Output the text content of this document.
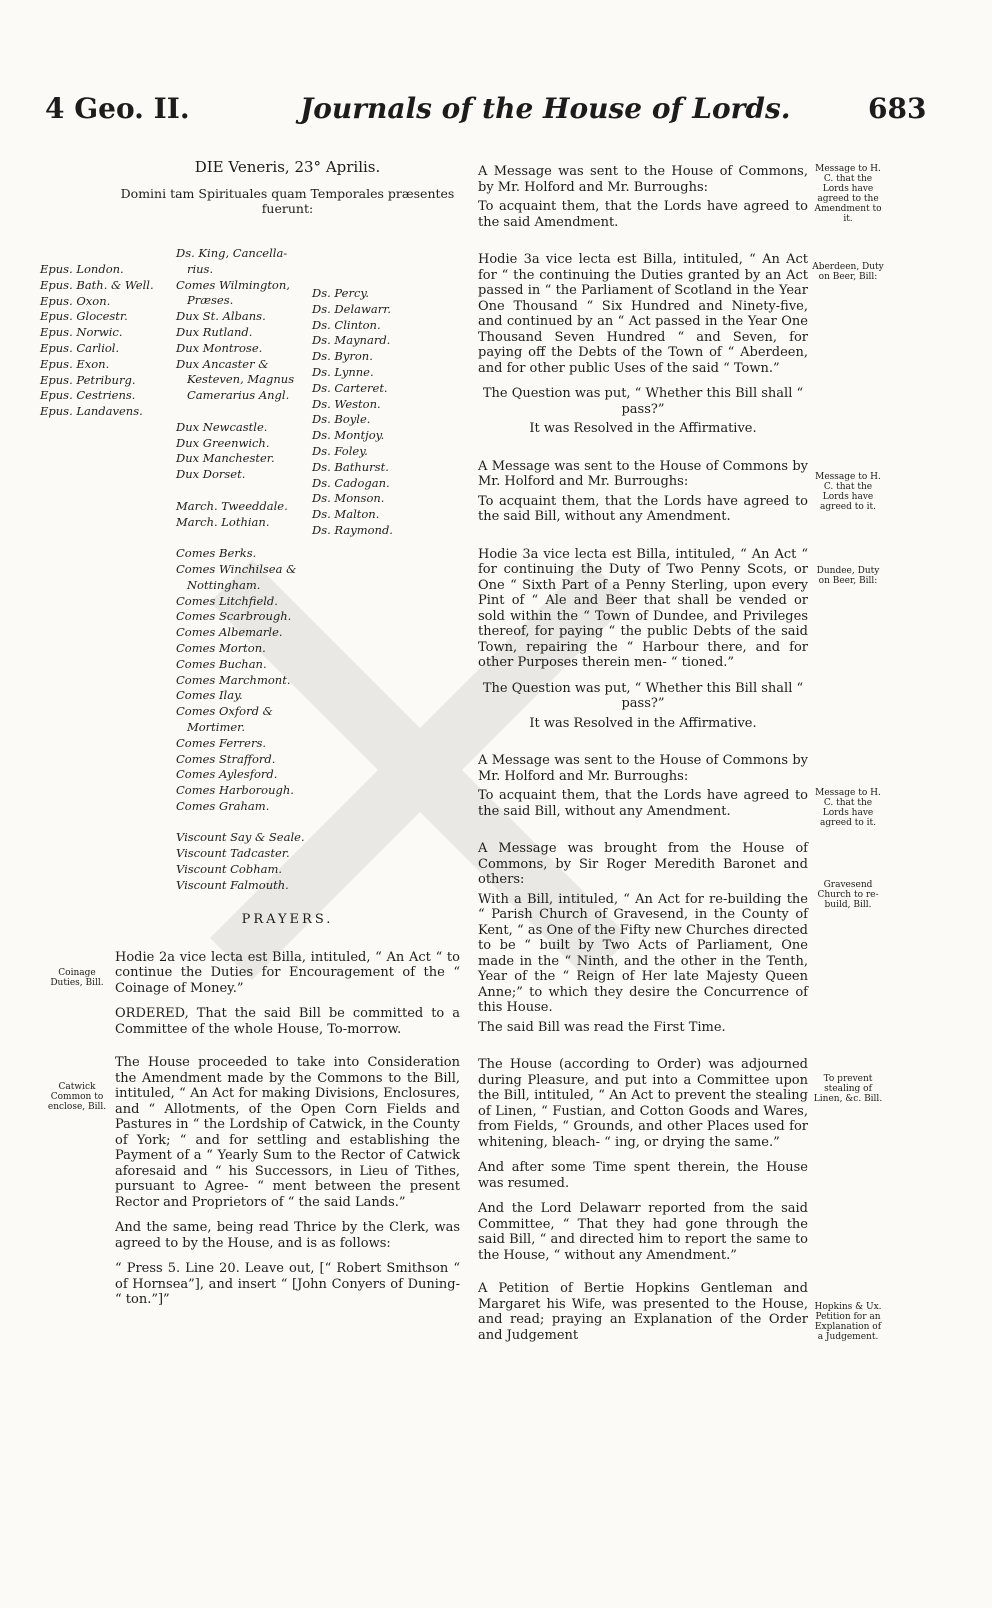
4 Geo. II.	Journals of the House of Lords.	683
DIE Veneris, 23° Aprilis.
Domini tam Spirituales quam Temporales præsentes fuerunt:
Epus. London.
Epus. Bath. & Well.
Epus. Oxon.
Epus. Glocestr.
Epus. Norwic.
Epus. Carliol.
Epus. Exon.
Epus. Petriburg.
Epus. Cestriens.
Epus. Landavens.
Ds. King, Cancella-
rius.
Comes Wilmington,
Præses.
Dux St. Albans.
Dux Rutland.
Dux Montrose.
Dux Ancaster &
Kesteven, Magnus
Camerarius Angl.

Dux Newcastle.
Dux Greenwich.
Dux Manchester.
Dux Dorset.

March. Tweeddale.
March. Lothian.

Comes Berks.
Comes Winchilsea &
Nottingham.
Comes Litchfield.
Comes Scarbrough.
Comes Albemarle.
Comes Morton.
Comes Buchan.
Comes Marchmont.
Comes Ilay.
Comes Oxford &
Mortimer.
Comes Ferrers.
Comes Strafford.
Comes Aylesford.
Comes Harborough.
Comes Graham.

Viscount Say & Seale.
Viscount Tadcaster.
Viscount Cobham.
Viscount Falmouth.
Ds. Percy.
Ds. Delawarr.
Ds. Clinton.
Ds. Maynard.
Ds. Byron.
Ds. Lynne.
Ds. Carteret.
Ds. Weston.
Ds. Boyle.
Ds. Montjoy.
Ds. Foley.
Ds. Bathurst.
Ds. Cadogan.
Ds. Monson.
Ds. Malton.
Ds. Raymond.
PRAYERS.

Hodie 2a vice lecta est Billa, intituled, “ An Act “ to continue the Duties for Encouragement of the “ Coinage of Money.”

ORDERED, That the said Bill be committed to a Committee of the whole House, To-morrow.

The House proceeded to take into Consideration the Amendment made by the Commons to the Bill, intituled, “ An Act for making Divisions, Enclosures, and “ Allotments, of the Open Corn Fields and Pastures in “ the Lordship of Catwick, in the County of York; “ and for settling and establishing the Payment of a “ Yearly Sum to the Rector of Catwick aforesaid and “ his Successors, in Lieu of Tithes, pursuant to Agree- “ ment between the present Rector and Proprietors of “ the said Lands.”

And the same, being read Thrice by the Clerk, was agreed to by the House, and is as follows:

“ Press 5. Line 20. Leave out, [“ Robert Smithson “ of Hornsea”], and insert “ [John Conyers of Duning- “ ton.”]”

Coinage Duties, Bill.
Catwick Common to enclose, Bill.

A Message was sent to the House of Commons, by Mr. Holford and Mr. Burroughs:

To acquaint them, that the Lords have agreed to the said Amendment.

Hodie 3a vice lecta est Billa, intituled, “ An Act for “ the continuing the Duties granted by an Act passed in “ the Parliament of Scotland in the Year One Thousand “ Six Hundred and Ninety-five, and continued by an “ Act passed in the Year One Thousand Seven Hundred “ and Seven, for paying off the Debts of the Town of “ Aberdeen, and for other public Uses of the said “ Town.”

The Question was put, “ Whether this Bill shall “ pass?”

It was Resolved in the Affirmative.

A Message was sent to the House of Commons by Mr. Holford and Mr. Burroughs:

To acquaint them, that the Lords have agreed to the said Bill, without any Amendment.

Hodie 3a vice lecta est Billa, intituled, “ An Act “ for continuing the Duty of Two Penny Scots, or One “ Sixth Part of a Penny Sterling, upon every Pint of “ Ale and Beer that shall be vended or sold within the “ Town of Dundee, and Privileges thereof, for paying “ the public Debts of the said Town, repairing the “ Harbour there, and for other Purposes therein men- “ tioned.”

The Question was put, “ Whether this Bill shall “ pass?”

It was Resolved in the Affirmative.

A Message was sent to the House of Commons by Mr. Holford and Mr. Burroughs:

To acquaint them, that the Lords have agreed to the said Bill, without any Amendment.

A Message was brought from the House of Commons, by Sir Roger Meredith Baronet and others:

With a Bill, intituled, “ An Act for re-building the “ Parish Church of Gravesend, in the County of Kent, “ as One of the Fifty new Churches directed to be “ built by Two Acts of Parliament, One made in the “ Ninth, and the other in the Tenth, Year of the “ Reign of Her late Majesty Queen Anne;” to which they desire the Concurrence of this House.

The said Bill was read the First Time.

The House (according to Order) was adjourned during Pleasure, and put into a Committee upon the Bill, intituled, “ An Act to prevent the stealing of Linen, “ Fustian, and Cotton Goods and Wares, from Fields, “ Grounds, and other Places used for whitening, bleach- “ ing, or drying the same.”

And after some Time spent therein, the House was resumed.

And the Lord Delawarr reported from the said Committee, “ That they had gone through the said Bill, “ and directed him to report the same to the House, “ without any Amendment.”

A Petition of Bertie Hopkins Gentleman and Margaret his Wife, was presented to the House, and read; praying an Explanation of the Order and Judgement

Message to H. C. that the Lords have agreed to the Amendment to it.
Aberdeen, Duty on Beer, Bill:
Message to H. C. that the Lords have agreed to it.
Dundee, Duty on Beer, Bill:
Message to H. C. that the Lords have agreed to it.
Gravesend Church to re-build, Bill.
To prevent stealing of Linen, &c. Bill.
Hopkins & Ux. Petition for an Explanation of a Judgement.
